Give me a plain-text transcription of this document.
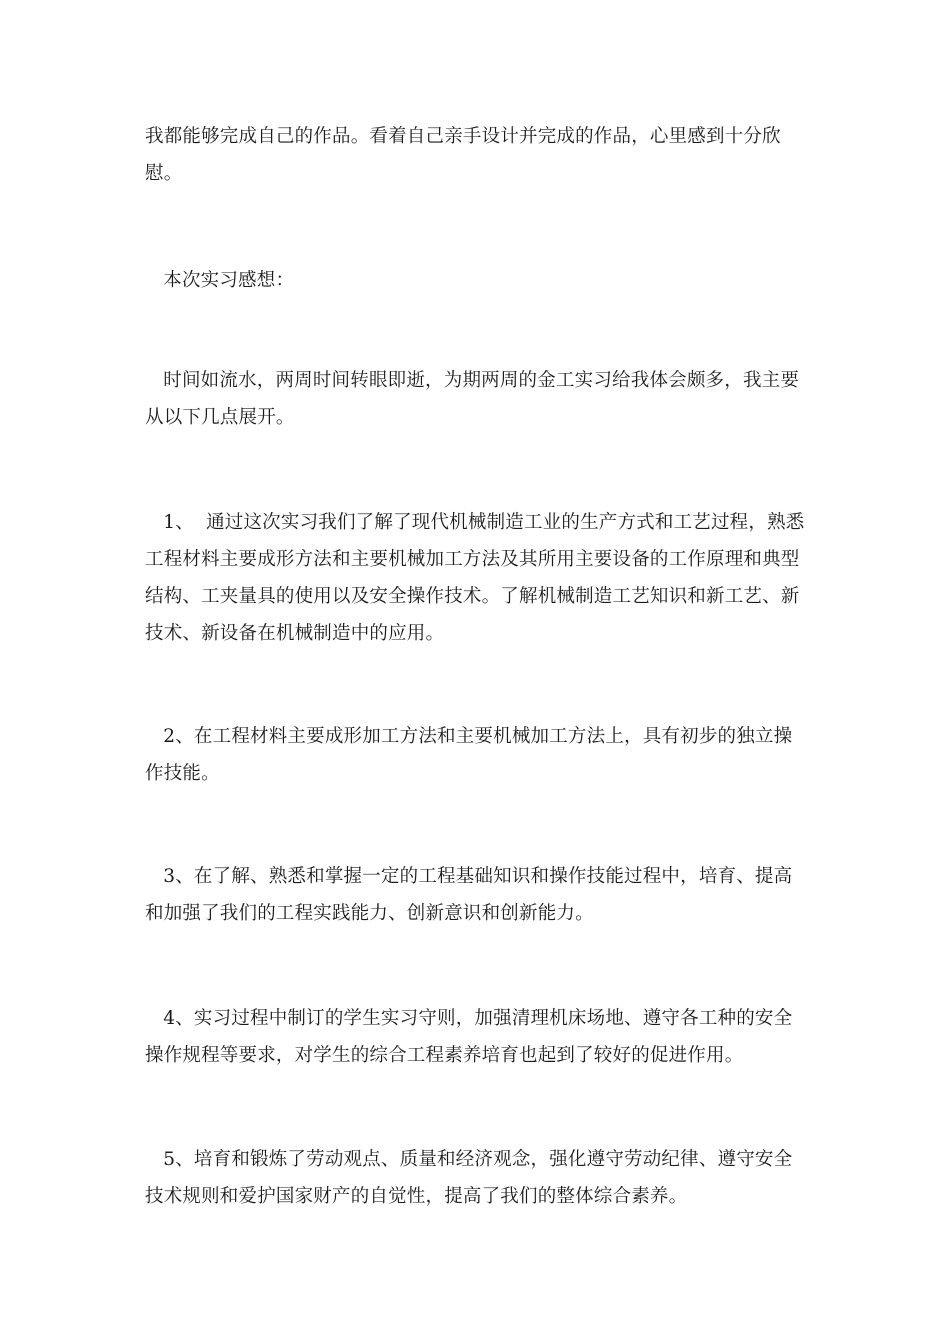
我都能够完成自己的作品。看着自己亲手设计并完成的作品，心里感到十分欣慰。

本次实习感想：

时间如流水，两周时间转眼即逝，为期两周的金工实习给我体会颇多，我主要从以下几点展开。

1、  通过这次实习我们了解了现代机械制造工业的生产方式和工艺过程，熟悉工程材料主要成形方法和主要机械加工方法及其所用主要设备的工作原理和典型结构、工夹量具的使用以及安全操作技术。了解机械制造工艺知识和新工艺、新技术、新设备在机械制造中的应用。

2、在工程材料主要成形加工方法和主要机械加工方法上，具有初步的独立操作技能。

3、在了解、熟悉和掌握一定的工程基础知识和操作技能过程中，培育、提高和加强了我们的工程实践能力、创新意识和创新能力。

4、实习过程中制订的学生实习守则，加强清理机床场地、遵守各工种的安全操作规程等要求，对学生的综合工程素养培育也起到了较好的促进作用。

5、培育和锻炼了劳动观点、质量和经济观念，强化遵守劳动纪律、遵守安全技术规则和爱护国家财产的自觉性，提高了我们的整体综合素养。
